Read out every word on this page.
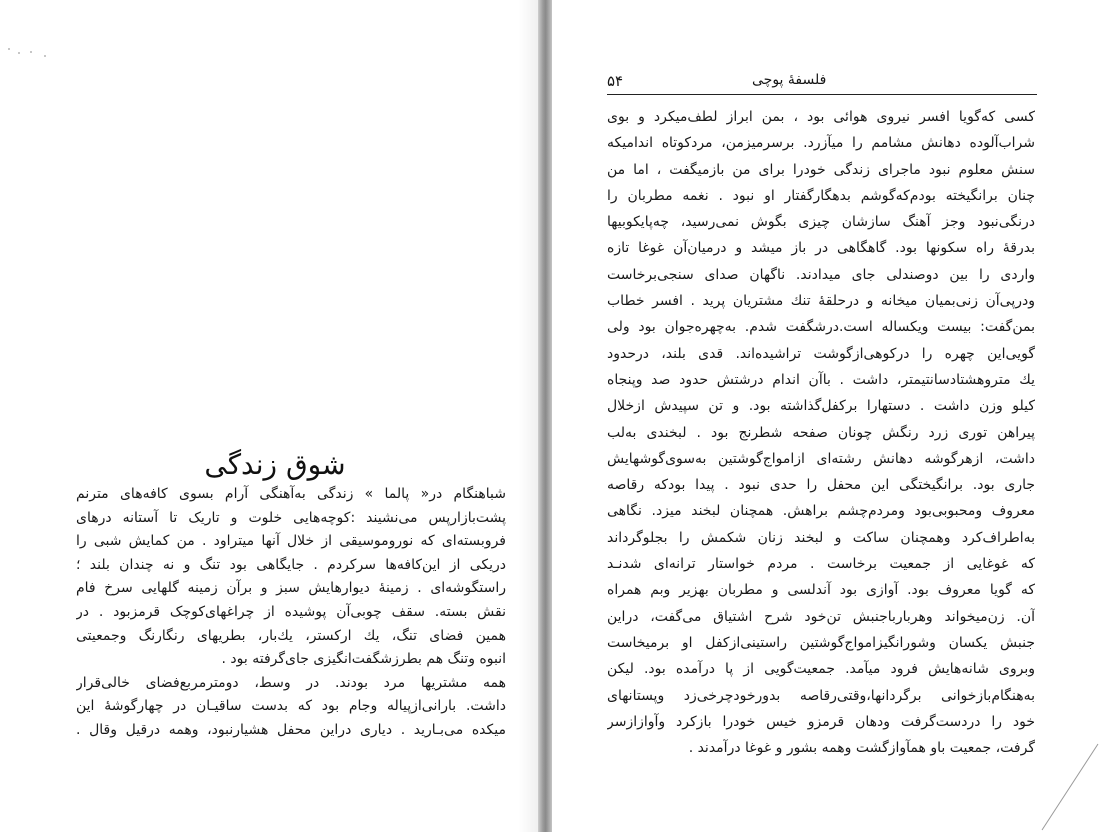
شوق زندگی
شباهنگام در« پالما » زندگی به‌آهنگی آرام بسوی کافه‌های مترنم
پشت‌بازارپس می‌نشیند :کوچه‌هایی خلوت و تاریک تا آستانه درهای
فروبسته‌ای که نوروموسیقی از خلال آنها میتراود . من کمایش شبی را
دریکی از این‌کافه‌ها سرکردم . جایگاهی بود تنگ و نه چندان بلند ؛
راستگوشه‌ای . زمینهٔ دیوارهایش سبز و برآن زمینه گلهایی سرخ فام
نقش بسته. سقف چوبی‌آن پوشیده از چراغهای‌کوچک قرمزبود . در
همین فضای تنگ، یك ارکستر، یك‌بار، بطریهای رنگارنگ وجمعیتی
انبوه وتنگ هم بطرزشگفت‌انگیزی جای‌گرفته بود .
همه مشتریها مرد بودند. در وسط، دومتر‌مربع‌فضای خالی‌قرار
داشت. بارانی‌ازپیاله وجام بود که بدست ساقیـان در چهارگوشهٔ این
میکده می‌بـارید . دیاری دراین محفل هشیارنبود، وهمه درقیل وقال .
۵۴	فلسفهٔ پوچی
کسی که‌گویا افسر نیروی هوائی بود ، بمن ابراز لطف‌میکرد و بوی
شراب‌آلوده دهانش مشامم را میآزرد. برسرمیزمن، مردکوتاه اندامیکه
سنش معلوم نبود ماجرای زندگی خودرا برای من بازمیگفت ، اما من
چنان برانگیخته بودم‌که‌گوشم بدهگارگفتار او نبود . نغمه مطربان را
درنگی‌نبود وجز آهنگ سازشان چیزی بگوش نمی‌رسید، چه‌پایکوبیها
بدرقهٔ راه سکونها بود. گاهگاهی در باز میشد و درمیان‌آن غوغا تازه
واردی را بین دوصندلی جای میدادند. ناگهان صدای سنجی‌برخاست
ودرپی‌آن زنی‌بمیان میخانه و درحلقهٔ تنك مشتریان پرید . افسر خطاب
بمن‌گفت: بیست ویکساله است.درشگفت شدم. به‌چهره‌جوان بود ولی
گویی‌این چهره را درکوهی‌ازگوشت تراشیده‌اند. قدی بلند، درحدود
یك متروهشتادسانتیمتر، داشت . باآن اندام درشتش حدود صد وپنجاه
کیلو وزن داشت . دستهارا برکفل‌گذاشته بود. و تن سپیدش ازخلال
پیراهن توری زرد رنگش چونان صفحه شطرنج بود . لبخندی به‌لب
داشت، ازهرگوشه دهانش رشته‌ای ازامواج‌گوشتین به‌سوی‌گوشهایش
جاری بود. برانگیختگی این محفل را حدی نبود . پیدا بودکه رقاصه
معروف ومحبوبی‌بود ومردم‌چشم براهش. همچنان لبخند میزد. نگاهی
به‌اطراف‌کرد وهمچنان ساکت و لبخند زنان شکمش را بجلوگرداند
که غوغایی از جمعیت برخاست . مردم خواستار ترانه‌ای شدنـد
که گویا معروف بود. آوازی بود آندلسی و مطربان بهزیر وبم همراه
آن. زن‌میخواند وهرباربا‌جنبش تن‌خود شرح اشتیاق می‌گفت، دراین
جنبش یکسان وشورانگیزامواج‌گوشتین راستینی‌ازکفل او برمیخاست
وبروی شانه‌هایش فرود میآمد. جمعیت‌گویی از پا درآمده بود. لیکن
به‌هنگام‌بازخوانی برگردانها،وقتی‌رقاصه بدورخودچرخی‌زد وپستانهای
خود را دردست‌گرفت ودهان قرمزو خیس خودرا بازکرد و‌آوازازسر
گرفت، جمعیت باو همآوازگشت وهمه بشور و غوغا درآمدند .
